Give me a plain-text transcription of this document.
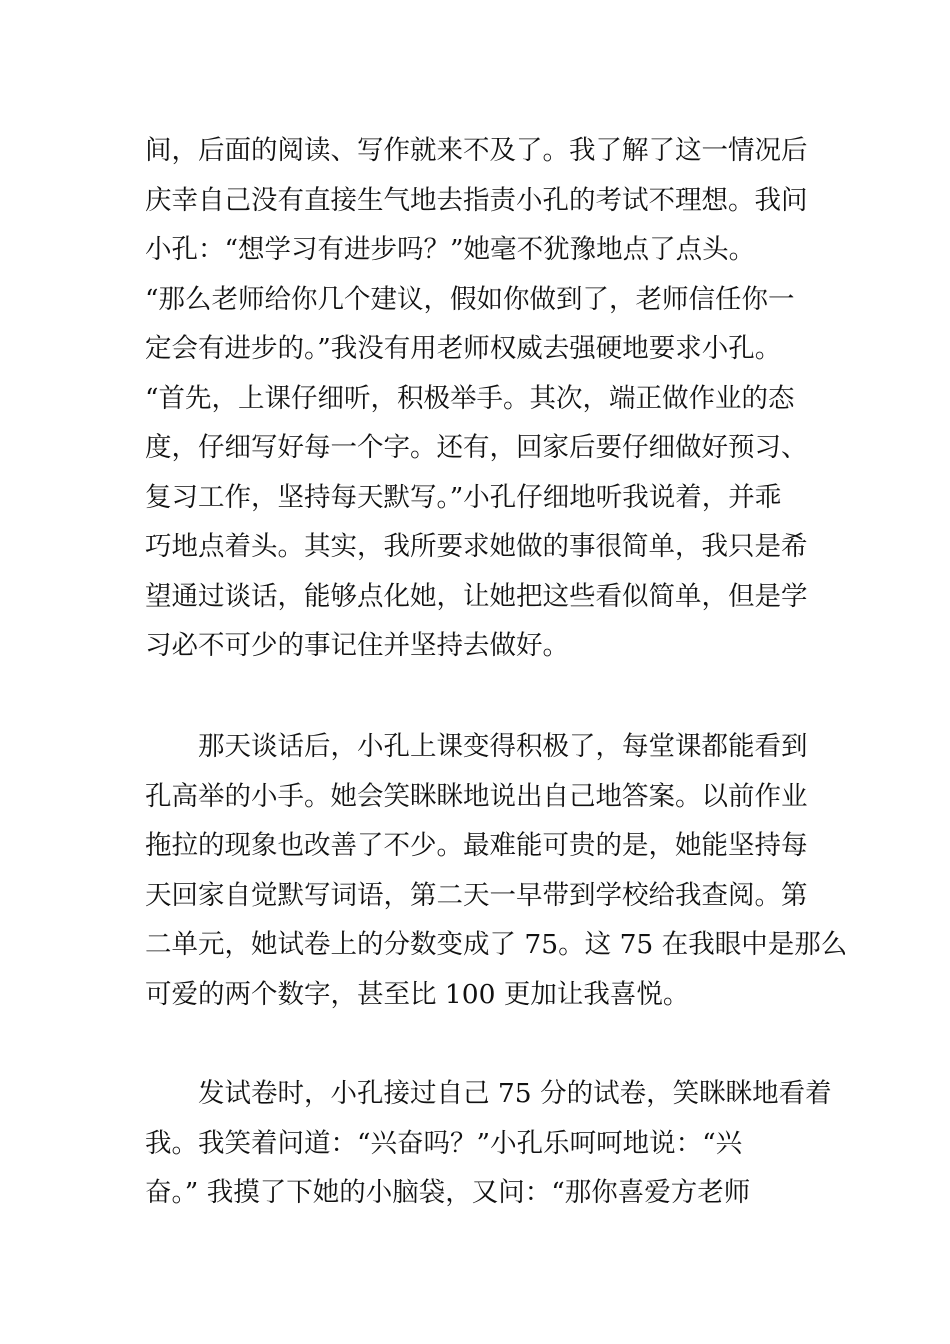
间，后面的阅读、写作就来不及了。我了解了这一情况后
庆幸自己没有直接生气地去指责小孔的考试不理想。我问
小孔：“想学习有进步吗？”她毫不犹豫地点了点头。
“那么老师给你几个建议，假如你做到了，老师信任你一
定会有进步的。”我没有用老师权威去强硬地要求小孔。
“首先，上课仔细听，积极举手。其次，端正做作业的态
度，仔细写好每一个字。还有，回家后要仔细做好预习、
复习工作，坚持每天默写。”小孔仔细地听我说着，并乖
巧地点着头。其实，我所要求她做的事很简单，我只是希
望通过谈话，能够点化她，让她把这些看似简单，但是学
习必不可少的事记住并坚持去做好。
　　那天谈话后，小孔上课变得积极了，每堂课都能看到
孔高举的小手。她会笑眯眯地说出自己地答案。以前作业
拖拉的现象也改善了不少。最难能可贵的是，她能坚持每
天回家自觉默写词语，第二天一早带到学校给我查阅。第
二单元，她试卷上的分数变成了 75。这 75 在我眼中是那么
可爱的两个数字，甚至比 100 更加让我喜悦。
　　发试卷时，小孔接过自己 75 分的试卷，笑眯眯地看着
我。我笑着问道：“兴奋吗？”小孔乐呵呵地说：“兴
奋。” 我摸了下她的小脑袋，又问：“那你喜爱方老师
